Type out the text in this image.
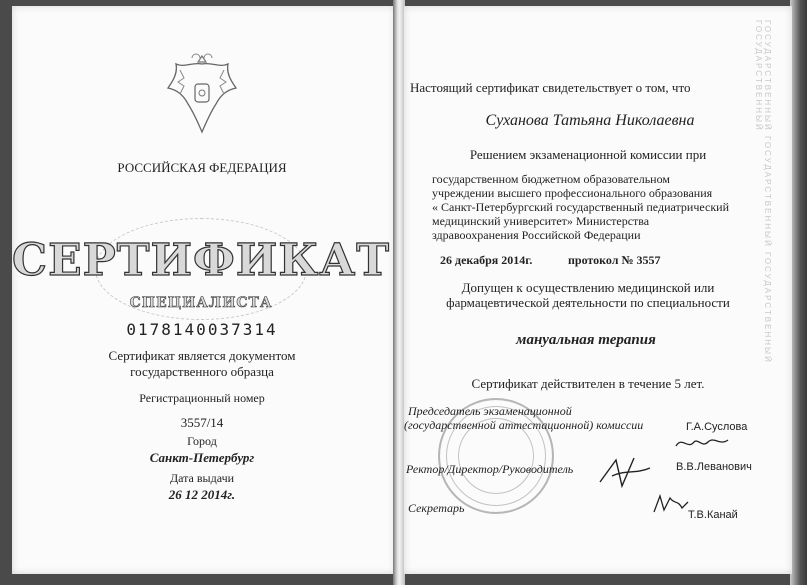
РОССИЙСКАЯ ФЕДЕРАЦИЯ
СЕРТИФИКАТ
СПЕЦИАЛИСТА
0178140037314
Сертификат является документом
государственного образца
Регистрационный номер
3557/14
Город
Санкт-Петербург
Дата выдачи
26 12 2014г.
ГОСУДАРСТВЕННЫЙ ГОСУДАРСТВЕННЫЙ ГОСУДАРСТВЕННЫЙ ГОСУДАРСТВЕННЫЙ
Настоящий сертификат свидетельствует о том, что
Суханова Татьяна Николаевна
Решением экзаменационной комиссии при
государственном бюджетном образовательном
учреждении высшего профессионального образования
« Санкт-Петербургский государственный педиатрический
медицинский университет» Министерства
здравоохранения Российской Федерации
26 декабря 2014г.	протокол № 3557
Допущен к осуществлению медицинской или
фармацевтической деятельности по специальности
мануальная терапия
Сертификат действителен в течение 5 лет.
Председатель экзаменационной
(государственной аттестационной) комиссии	Г.А.Суслова
Ректор/Директор/Руководитель	В.В.Леванович
Секретарь	Т.В.Канай
